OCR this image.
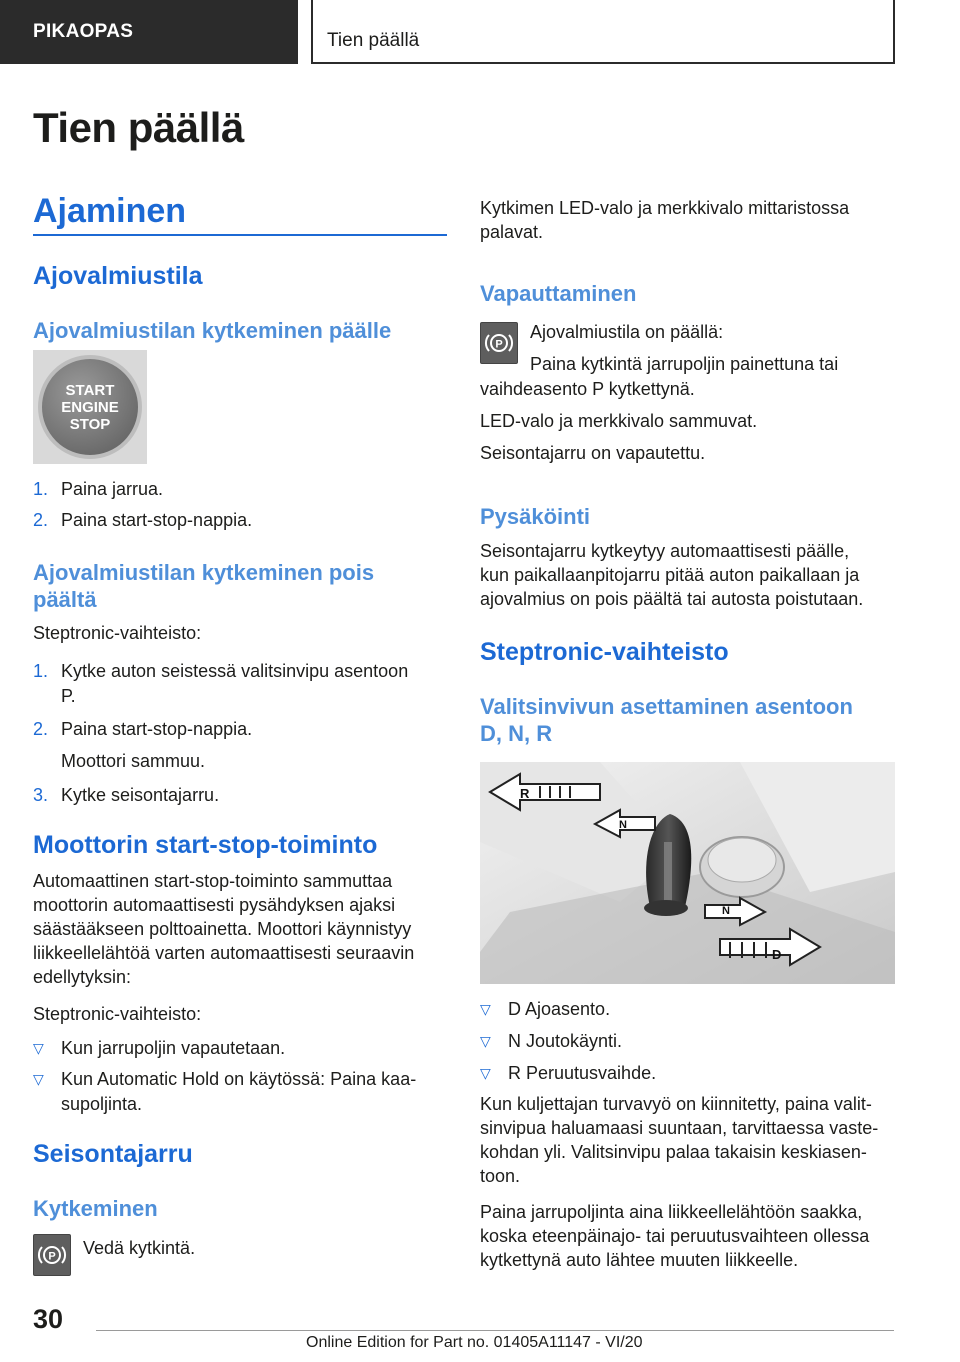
PIKAOPAS	Tien päällä
Tien päällä
Ajaminen
Ajovalmiustila
Ajovalmiustilan kytkeminen päälle
START
ENGINE
STOP
1. Paina jarrua.

2. Paina start-stop-nappia.

Ajovalmiustilan kytkeminen pois
päältä

Steptronic-vaihteisto:

1. Kytke auton seistessä valitsinvipu asentoon

P.

2. Paina start-stop-nappia.

Moottori sammuu.

3. Kytke seisontajarru.

Moottorin start-stop-toiminto

Automaattinen start-stop-toiminto sammuttaa

moottorin automaattisesti pysähdyksen ajaksi

säästääkseen polttoainetta. Moottori käynnistyy

liikkeellelähtöä varten automaattisesti seuraavin

edellytyksin:

Steptronic-vaihteisto:

▽ Kun jarrupoljin vapautetaan.

▽ Kun Automatic Hold on käytössä: Paina kaa-

supoljinta.

Seisontajarru
Kytkeminen
P Vedä kytkintä.

Kytkimen LED-valo ja merkkivalo mittaristossa

palavat.

Vapauttaminen
P

Ajovalmiustila on päällä:

Paina kytkintä jarrupoljin painettuna tai

vaihdeasento P kytkettynä.

LED-valo ja merkkivalo sammuvat.

Seisontajarru on vapautettu.

Pysäköinti

Seisontajarru kytkeytyy automaattisesti päälle,

kun paikallaanpitojarru pitää auton paikallaan ja

ajovalmius on pois päältä tai autosta poistutaan.

Steptronic-vaihteisto
Valitsinvivun asettaminen asentoon
D, N, R
R
N
N
D
▽ D Ajoasento.

▽ N Joutokäynti.

▽ R Peruutusvaihde.

Kun kuljettajan turvavyö on kiinnitetty, paina valit-

sinvipua haluamaasi suuntaan, tarvittaessa vaste-

kohdan yli. Valitsinvipu palaa takaisin keskiasen-

toon.

Paina jarrupoljinta aina liikkeellelähtöön saakka,

koska eteenpäinajo- tai peruutusvaihteen ollessa

kytkettynä auto lähtee muuten liikkeelle.

30

Online Edition for Part no. 01405A11147 - VI/20
